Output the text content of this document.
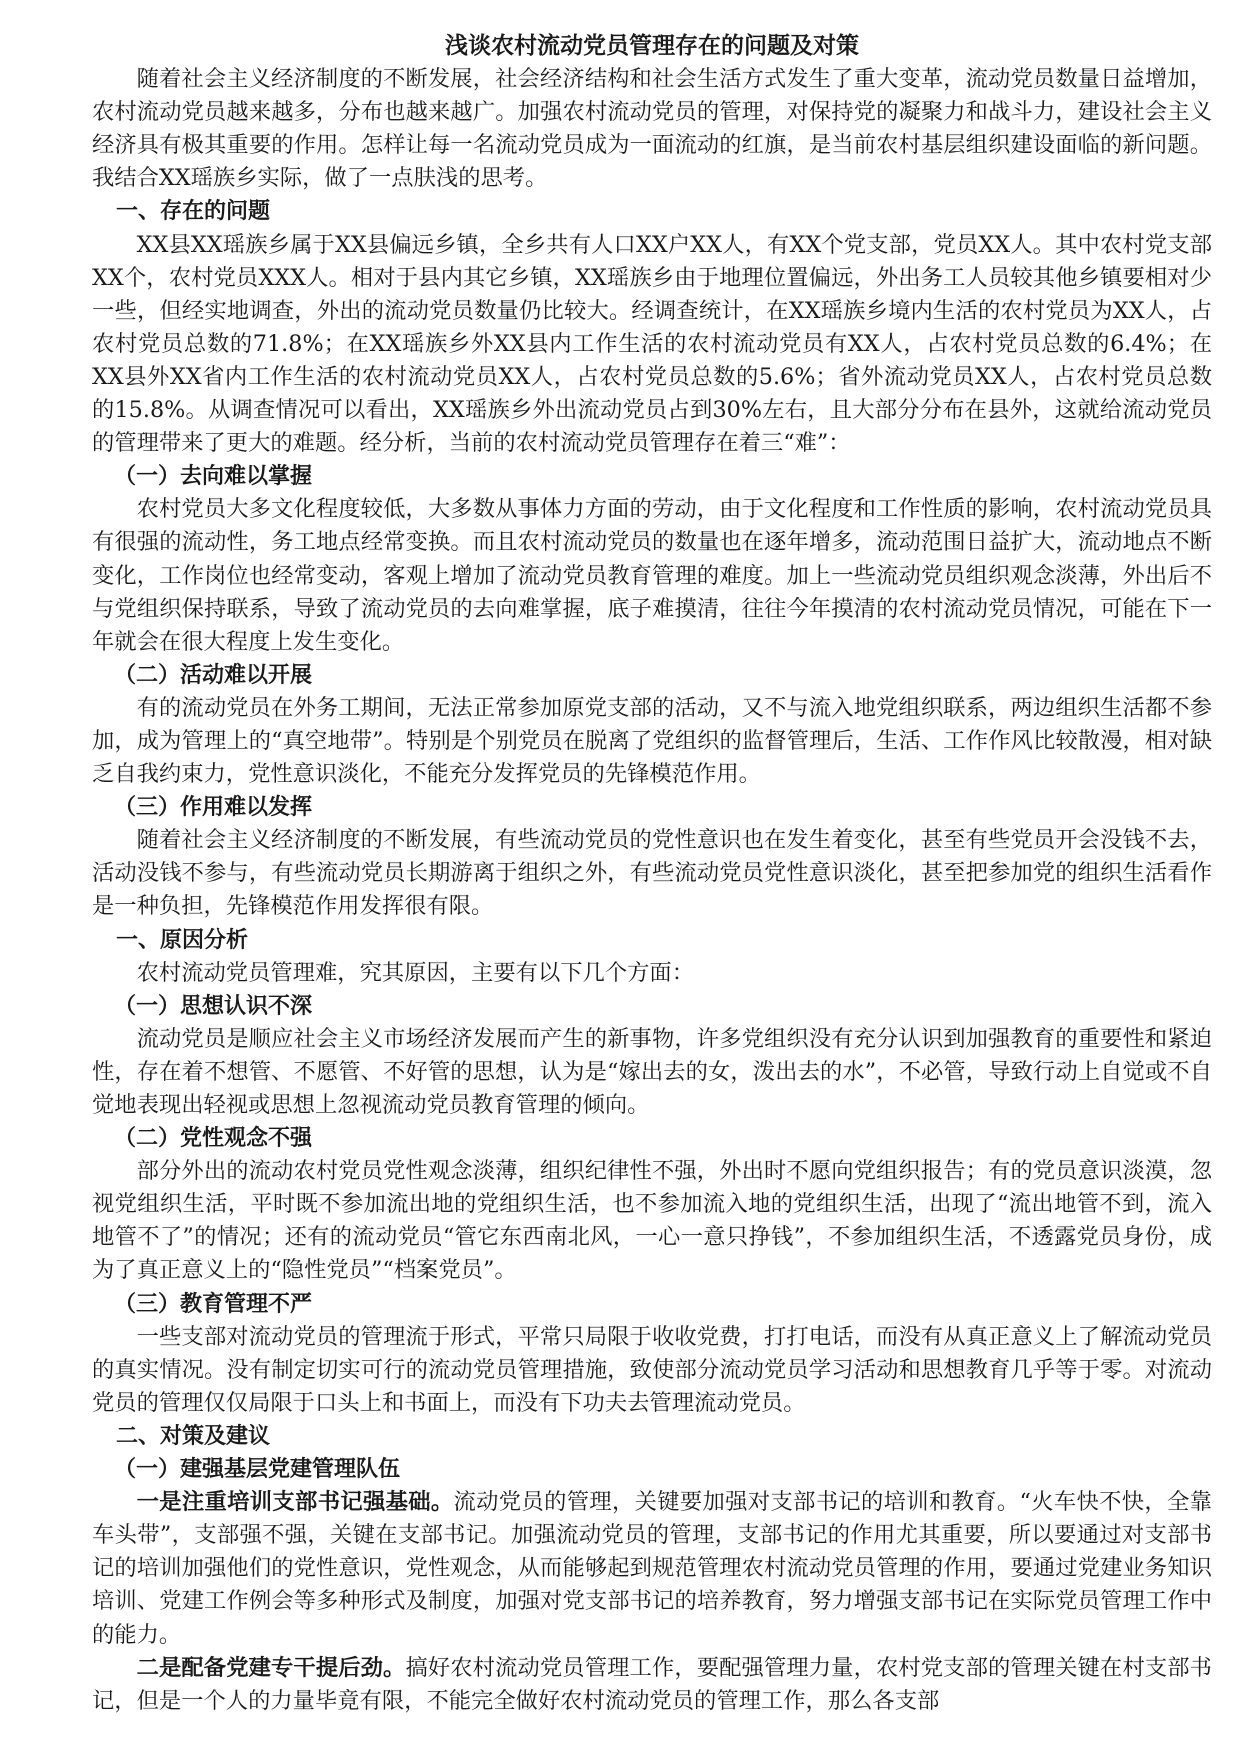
浅谈农村流动党员管理存在的问题及对策
随着社会主义经济制度的不断发展，社会经济结构和社会生活方式发生了重大变革，流动党员数量日益增加，农村流动党员越来越多，分布也越来越广。加强农村流动党员的管理，对保持党的凝聚力和战斗力，建设社会主义经济具有极其重要的作用。怎样让每一名流动党员成为一面流动的红旗，是当前农村基层组织建设面临的新问题。我结合XX瑶族乡实际，做了一点肤浅的思考。
一、存在的问题
XX县XX瑶族乡属于XX县偏远乡镇，全乡共有人口XX户XX人，有XX个党支部，党员XX人。其中农村党支部XX个，农村党员XXX人。相对于县内其它乡镇，XX瑶族乡由于地理位置偏远，外出务工人员较其他乡镇要相对少一些，但经实地调查，外出的流动党员数量仍比较大。经调查统计，在XX瑶族乡境内生活的农村党员为XX人，占农村党员总数的71.8%；在XX瑶族乡外XX县内工作生活的农村流动党员有XX人，占农村党员总数的6.4%；在XX县外XX省内工作生活的农村流动党员XX人，占农村党员总数的5.6%；省外流动党员XX人，占农村党员总数的15.8%。从调查情况可以看出，XX瑶族乡外出流动党员占到30%左右，且大部分分布在县外，这就给流动党员的管理带来了更大的难题。经分析，当前的农村流动党员管理存在着三“难”：
（一）去向难以掌握
农村党员大多文化程度较低，大多数从事体力方面的劳动，由于文化程度和工作性质的影响，农村流动党员具有很强的流动性，务工地点经常变换。而且农村流动党员的数量也在逐年增多，流动范围日益扩大，流动地点不断变化，工作岗位也经常变动，客观上增加了流动党员教育管理的难度。加上一些流动党员组织观念淡薄，外出后不与党组织保持联系，导致了流动党员的去向难掌握，底子难摸清，往往今年摸清的农村流动党员情况，可能在下一年就会在很大程度上发生变化。
（二）活动难以开展
有的流动党员在外务工期间，无法正常参加原党支部的活动，又不与流入地党组织联系，两边组织生活都不参加，成为管理上的“真空地带”。特别是个别党员在脱离了党组织的监督管理后，生活、工作作风比较散漫，相对缺乏自我约束力，党性意识淡化，不能充分发挥党员的先锋模范作用。
（三）作用难以发挥
随着社会主义经济制度的不断发展，有些流动党员的党性意识也在发生着变化，甚至有些党员开会没钱不去，活动没钱不参与，有些流动党员长期游离于组织之外，有些流动党员党性意识淡化，甚至把参加党的组织生活看作是一种负担，先锋模范作用发挥很有限。
一、原因分析
农村流动党员管理难，究其原因，主要有以下几个方面：
（一）思想认识不深
流动党员是顺应社会主义市场经济发展而产生的新事物，许多党组织没有充分认识到加强教育的重要性和紧迫性，存在着不想管、不愿管、不好管的思想，认为是“嫁出去的女，泼出去的水”，不必管，导致行动上自觉或不自觉地表现出轻视或思想上忽视流动党员教育管理的倾向。
（二）党性观念不强
部分外出的流动农村党员党性观念淡薄，组织纪律性不强，外出时不愿向党组织报告；有的党员意识淡漠，忽视党组织生活，平时既不参加流出地的党组织生活，也不参加流入地的党组织生活，出现了“流出地管不到，流入地管不了”的情况；还有的流动党员“管它东西南北风，一心一意只挣钱”，不参加组织生活，不透露党员身份，成为了真正意义上的“隐性党员”“档案党员”。
（三）教育管理不严
一些支部对流动党员的管理流于形式，平常只局限于收收党费，打打电话，而没有从真正意义上了解流动党员的真实情况。没有制定切实可行的流动党员管理措施，致使部分流动党员学习活动和思想教育几乎等于零。对流动党员的管理仅仅局限于口头上和书面上，而没有下功夫去管理流动党员。
二、对策及建议
（一）建强基层党建管理队伍
一是注重培训支部书记强基础。流动党员的管理，关键要加强对支部书记的培训和教育。“火车快不快，全靠车头带”，支部强不强，关键在支部书记。加强流动党员的管理，支部书记的作用尤其重要，所以要通过对支部书记的培训加强他们的党性意识，党性观念，从而能够起到规范管理农村流动党员管理的作用，要通过党建业务知识培训、党建工作例会等多种形式及制度，加强对党支部书记的培养教育，努力增强支部书记在实际党员管理工作中的能力。
二是配备党建专干提后劲。搞好农村流动党员管理工作，要配强管理力量，农村党支部的管理关键在村支部书记，但是一个人的力量毕竟有限，不能完全做好农村流动党员的管理工作，那么各支部
